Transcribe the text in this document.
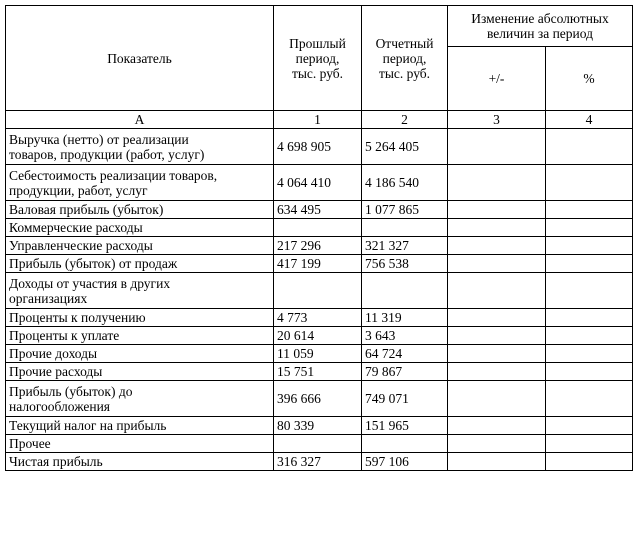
Показатель	Прошлый
период,
тыс. руб.	Отчетный
период,
тыс. руб.	Изменение абсолютных
величин за период	
			+/-	%
А	1	2	3	4
Выручка (нетто) от реализации
товаров, продукции (работ, услуг)	4 698 905	5 264 405		
Себестоимость реализации товаров,
продукции, работ, услуг	4 064 410	4 186 540		
Валовая прибыль (убыток)	634 495	1 077 865		
Коммерческие расходы				
Управленческие расходы	217 296	321 327		
Прибыль (убыток) от продаж	417 199	756 538		
Доходы от участия в других
организациях				
Проценты к получению	4 773	11 319		
Проценты к уплате	20 614	3 643		
Прочие доходы	11 059	64 724		
Прочие расходы	15 751	79 867		
Прибыль (убыток) до
налогообложения	396 666	749 071		
Текущий налог на прибыль	80 339	151 965		
Прочее				
Чистая прибыль	316 327	597 106		
